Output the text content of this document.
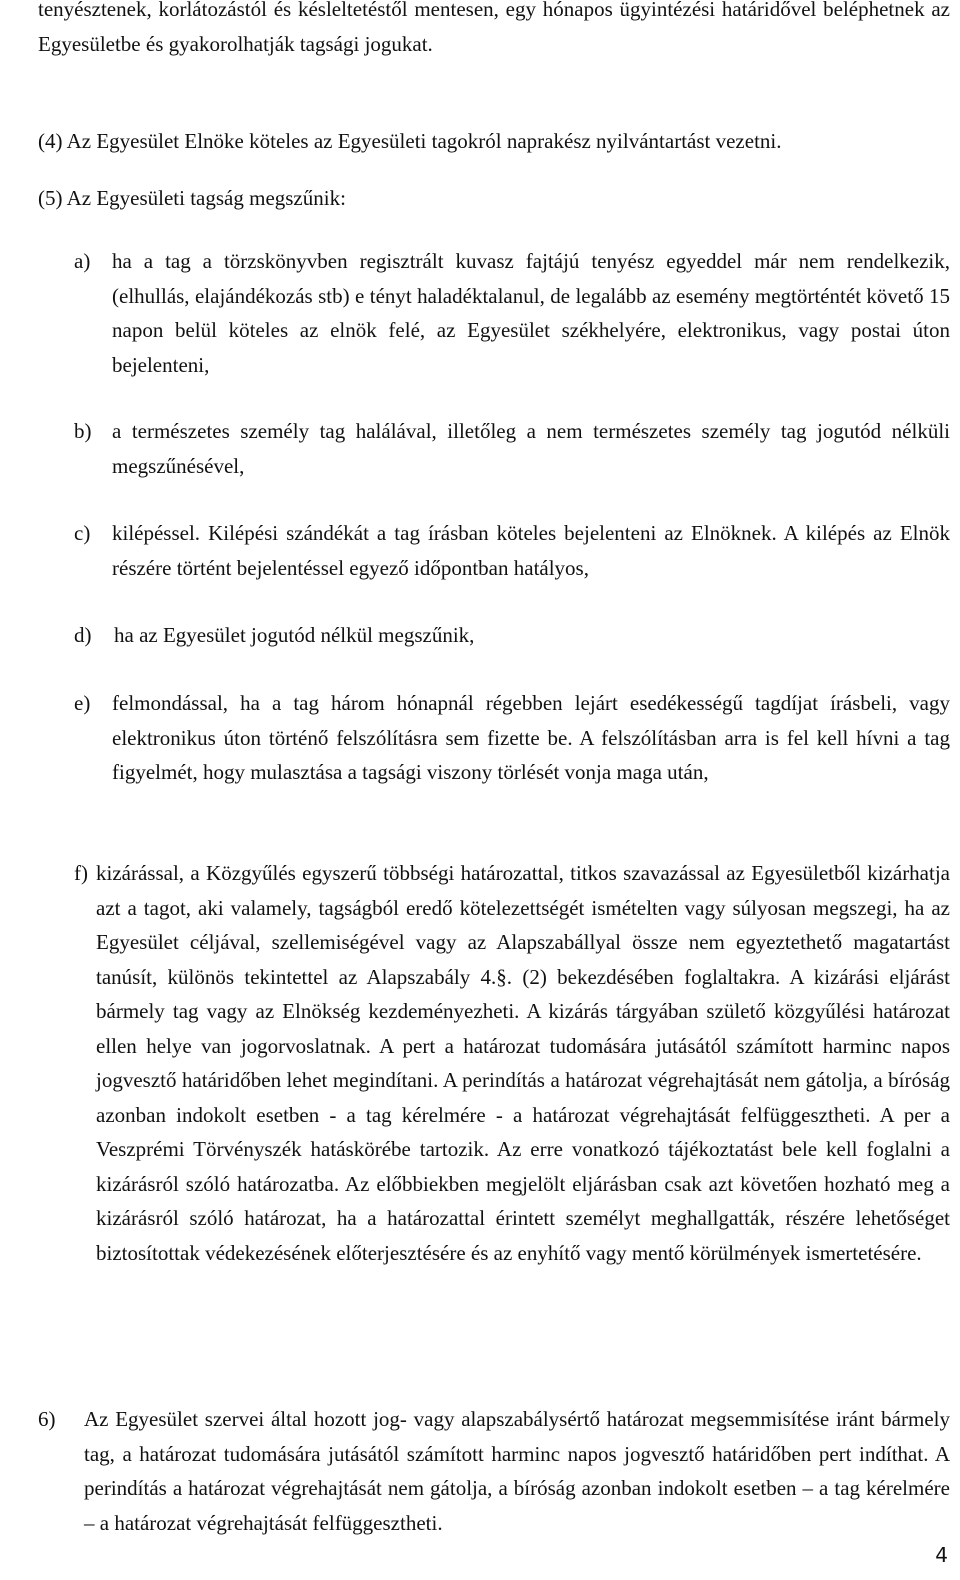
tenyésztenek, korlátozástól és késleltetéstől mentesen, egy hónapos ügyintézési határidővel beléphetnek az Egyesületbe és gyakorolhatják tagsági jogukat.

(4) Az Egyesület Elnöke köteles az Egyesületi tagokról naprakész nyilvántartást vezetni.

(5) Az Egyesületi tagság megszűnik:

a)	ha a tag a törzskönyvben regisztrált kuvasz fajtájú tenyész egyeddel már nem rendelkezik, (elhullás, elajándékozás stb) e tényt haladéktalanul, de legalább az esemény megtörténtét követő 15 napon belül köteles az elnök felé, az Egyesület székhelyére, elektronikus, vagy postai úton bejelenteni,

b) a természetes személy tag halálával, illetőleg a nem természetes személy tag jogutód nélküli megszűnésével,

c)	kilépéssel. Kilépési szándékát a tag írásban köteles bejelenteni az Elnöknek. A kilépés az Elnök részére történt bejelentéssel egyező időpontban hatályos,

d)	ha az Egyesület jogutód nélkül megszűnik,

e)	felmondással, ha a tag három hónapnál régebben lejárt esedékességű tagdíjat írásbeli, vagy elektronikus úton történő felszólításra sem fizette be. A felszólításban arra is fel kell hívni a tag figyelmét, hogy mulasztása a tagsági viszony törlését vonja maga után,

f) kizárással, a Közgyűlés egyszerű többségi határozattal, titkos szavazással az Egyesületből kizárhatja azt a tagot, aki valamely, tagságból eredő kötelezettségét ismételten vagy súlyosan megszegi, ha az Egyesület céljával, szellemiségével vagy az Alapszabállyal össze nem egyeztethető magatartást tanúsít, különös tekintettel az Alapszabály 4.§. (2) bekezdésében foglaltakra. A kizárási eljárást bármely tag vagy az Elnökség kezdeményezheti. A kizárás tárgyában születő közgyűlési határozat ellen helye van jogorvoslatnak. A pert a határozat tudomására jutásától számított harminc napos jogvesztő határidőben lehet megindítani. A perindítás a határozat végrehajtását nem gátolja, a bíróság azonban indokolt esetben - a tag kérelmére - a határozat végrehajtását felfüggesztheti. A per a Veszprémi Törvényszék hatáskörébe tartozik. Az erre vonatkozó tájékoztatást bele kell foglalni a kizárásról szóló határozatba. Az előbbiekben megjelölt eljárásban csak azt követően hozható meg a kizárásról szóló határozat, ha a határozattal érintett személyt meghallgatták, részére lehetőséget biztosítottak védekezésének előterjesztésére és az enyhítő vagy mentő körülmények ismertetésére.

6)	Az Egyesület szervei által hozott jog- vagy alapszabálysértő határozat megsemmisítése iránt bármely tag, a határozat tudomására jutásától számított harminc napos jogvesztő határidőben pert indíthat. A perindítás a határozat végrehajtását nem gátolja, a bíróság azonban indokolt esetben – a tag kérelmére – a határozat végrehajtását felfüggesztheti.

4
